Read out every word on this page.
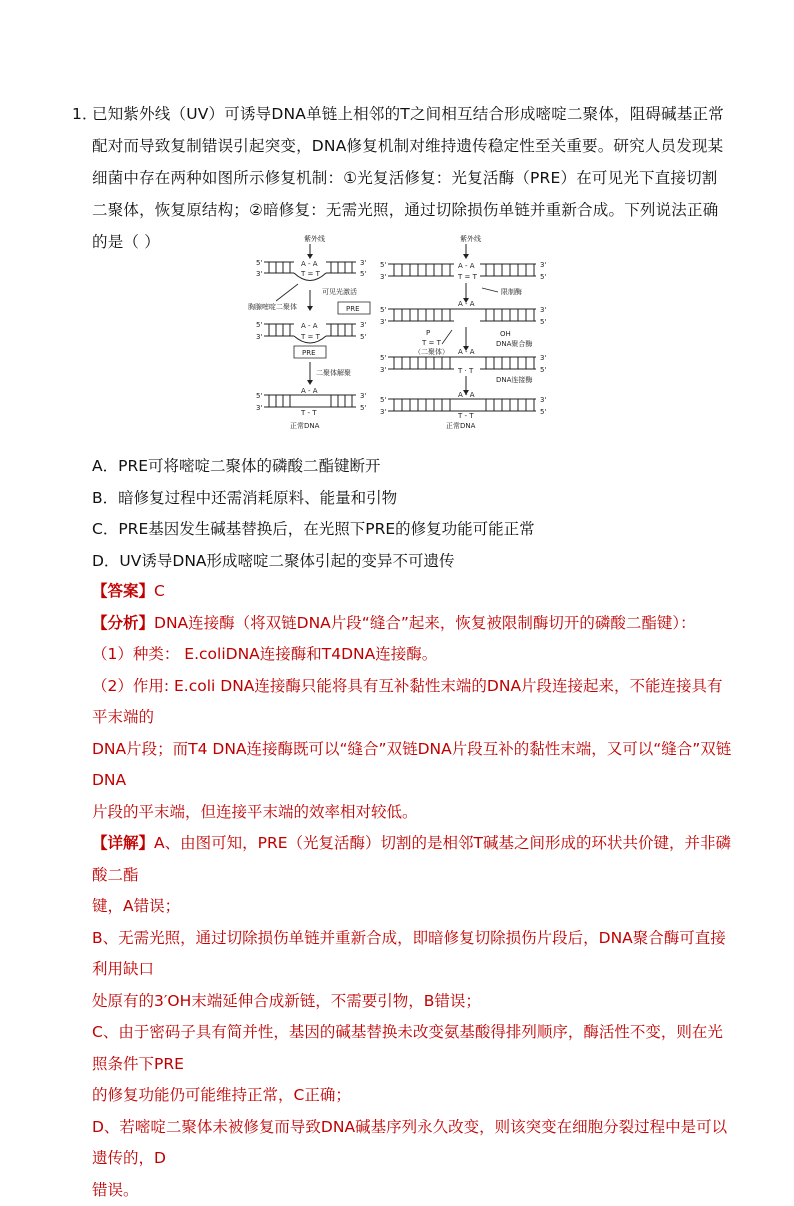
1．
已知紫外线（UV）可诱导DNA单链上相邻的T之间相互结合形成嘧啶二聚体，阻碍碱基正常配对而导致复制错误引起突变，DNA修复机制对维持遗传稳定性至关重要。研究人员发现某细菌中存在两种如图所示修复机制：①光复活修复：光复活酶（PRE）在可见光下直接切割二聚体，恢复原结构；②暗修复：无需光照，通过切除损伤单链并重新合成。下列说法正确的是（ ）	紫外线
5'
3'
A - A
T = T
3'
5'
胸腺嘧啶二聚体
可见光激活
PRE
5'
3'
A - A
T = T
3'
5'
PRE
二聚体解聚
5'
3'
A - A
T - T
3'
5'
正常DNA
紫外线
5'
3'
A - A
T = T
3'
5'
限制酶
5'
3'
A - A
3'
5'
P
T = T
（二聚体）
OH
DNA聚合酶
5'
3'
A - A
T · T
3'
5'
DNA连接酶
5'
3'
A - A
T - T
3'
5'
正常DNA
A．PRE可将嘧啶二聚体的磷酸二酯键断开
B．暗修复过程中还需消耗原料、能量和引物
C．PRE基因发生碱基替换后，在光照下PRE的修复功能可能正常
D．UV诱导DNA形成嘧啶二聚体引起的变异不可遗传
【答案】C
【分析】DNA连接酶（将双链DNA片段“缝合”起来，恢复被限制酶切开的磷酸二酯键）：
（1）种类： E.coliDNA连接酶和T4DNA连接酶。
（2）作用: E.coli DNA连接酶只能将具有互补黏性末端的DNA片段连接起来，不能连接具有平末端的
DNA片段；而T4 DNA连接酶既可以“缝合”双链DNA片段互补的黏性末端，又可以“缝合”双链DNA
片段的平末端，但连接平末端的效率相对较低。
【详解】A、由图可知，PRE（光复活酶）切割的是相邻T碱基之间形成的环状共价键，并非磷酸二酯
键，A错误；
B、无需光照，通过切除损伤单链并重新合成，即暗修复切除损伤片段后，DNA聚合酶可直接利用缺口
处原有的3′OH末端延伸合成新链，不需要引物，B错误；
C、由于密码子具有简并性，基因的碱基替换未改变氨基酸得排列顺序，酶活性不变，则在光照条件下PRE
的修复功能仍可能维持正常，C正确；
D、若嘧啶二聚体未被修复而导致DNA碱基序列永久改变，则该突变在细胞分裂过程中是可以遗传的，D
错误。
